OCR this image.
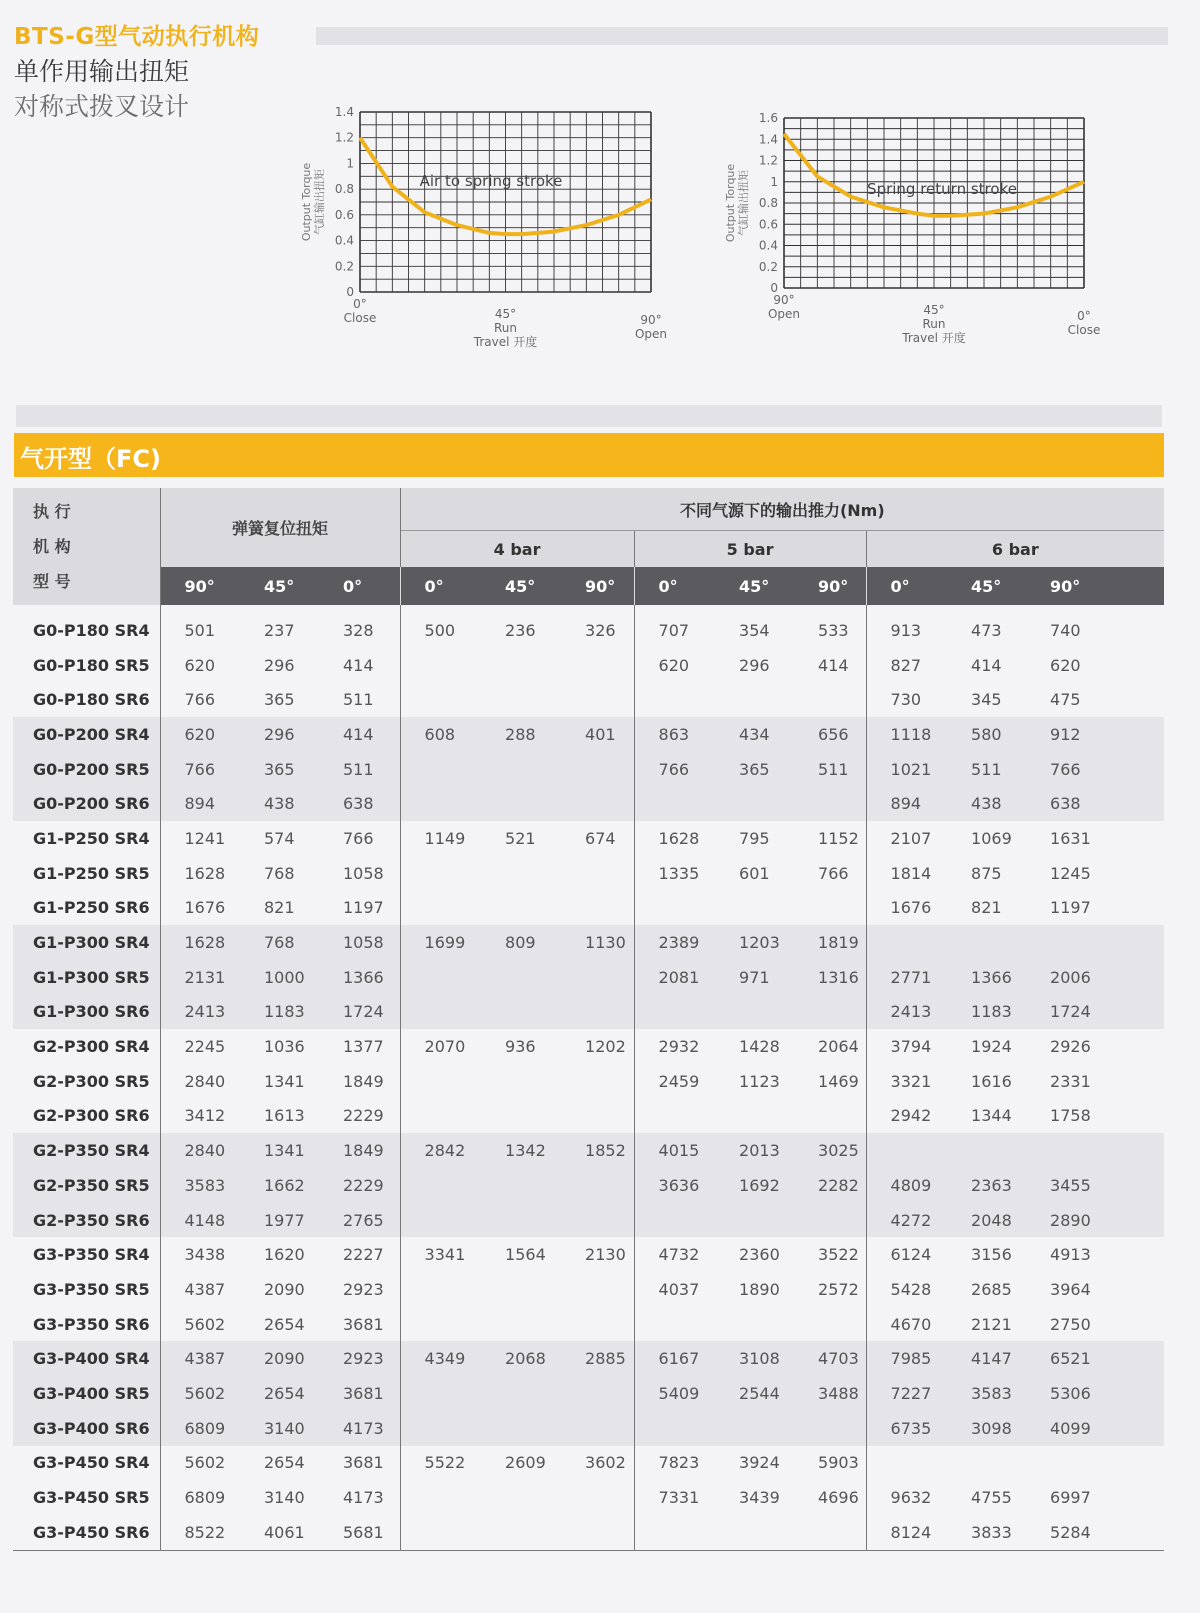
BTS-G型气动执行机构
单作用输出扭矩
对称式拨叉设计
0
0.2
0.4
0.6
0.8
1
1.2
1.4
Output Torque 气缸输出扭矩
0°
Close	45°
Run
90°
Open
Travel 开度
Air to spring stroke
0
0.2
0.4
0.6
0.8
1
1.2
1.4
1.6
Output Torque 气缸输出扭矩
90°
Open	45°
Run
0°
Close
Travel 开度
Spring return stroke
气开型（FC)
执 行
机 构
型 号	弹簧复位扭矩			不同气源下的输出推力(Nm)								
				4 bar			5 bar			6 bar		
	90°	45°	0°	0°	45°	90°	0°	45°	90°	0°	45°	90°

G0-P180 SR4	501	237	328	500	236	326	707	354	533	913	473	740
G0-P180 SR5	620	296	414				620	296	414	827	414	620
G0-P180 SR6	766	365	511							730	345	475
G0-P200 SR4	620	296	414	608	288	401	863	434	656	1118	580	912
G0-P200 SR5	766	365	511				766	365	511	1021	511	766
G0-P200 SR6	894	438	638							894	438	638
G1-P250 SR4	1241	574	766	1149	521	674	1628	795	1152	2107	1069	1631
G1-P250 SR5	1628	768	1058				1335	601	766	1814	875	1245
G1-P250 SR6	1676	821	1197							1676	821	1197
G1-P300 SR4	1628	768	1058	1699	809	1130	2389	1203	1819			
G1-P300 SR5	2131	1000	1366				2081	971	1316	2771	1366	2006
G1-P300 SR6	2413	1183	1724							2413	1183	1724
G2-P300 SR4	2245	1036	1377	2070	936	1202	2932	1428	2064	3794	1924	2926
G2-P300 SR5	2840	1341	1849				2459	1123	1469	3321	1616	2331
G2-P300 SR6	3412	1613	2229							2942	1344	1758
G2-P350 SR4	2840	1341	1849	2842	1342	1852	4015	2013	3025			
G2-P350 SR5	3583	1662	2229				3636	1692	2282	4809	2363	3455
G2-P350 SR6	4148	1977	2765							4272	2048	2890
G3-P350 SR4	3438	1620	2227	3341	1564	2130	4732	2360	3522	6124	3156	4913
G3-P350 SR5	4387	2090	2923				4037	1890	2572	5428	2685	3964
G3-P350 SR6	5602	2654	3681							4670	2121	2750
G3-P400 SR4	4387	2090	2923	4349	2068	2885	6167	3108	4703	7985	4147	6521
G3-P400 SR5	5602	2654	3681				5409	2544	3488	7227	3583	5306
G3-P400 SR6	6809	3140	4173							6735	3098	4099
G3-P450 SR4	5602	2654	3681	5522	2609	3602	7823	3924	5903			
G3-P450 SR5	6809	3140	4173				7331	3439	4696	9632	4755	6997
G3-P450 SR6	8522	4061	5681							8124	3833	5284
